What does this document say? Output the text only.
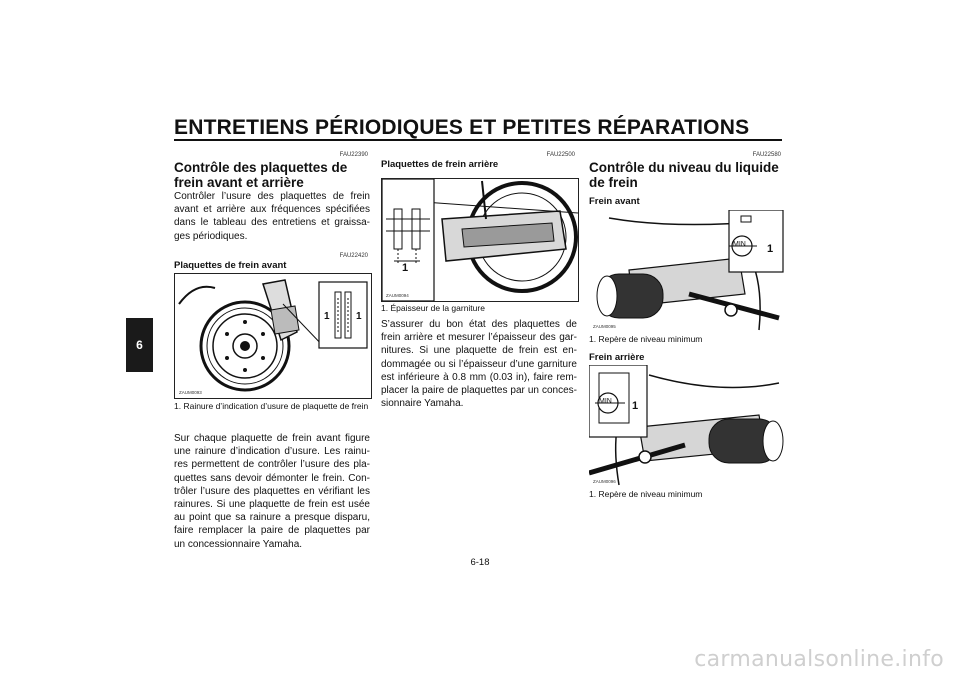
ENTRETIENS PÉRIODIQUES ET PETITES RÉPARATIONS
6
FAU22390
Contrôle des plaquettes de frein avant et arrière
Contrôler l’usure des plaquettes de frein avant et arrière aux fréquences spécifiées dans le tableau des entretiens et graissa-ges périodiques.
FAU22420
Plaquettes de frein avant
1	1
ZAUM0093
1. Rainure d’indication d’usure de plaquette de frein
Sur chaque plaquette de frein avant figure une rainure d’indication d’usure. Les rainu-res permettent de contrôler l’usure des pla-quettes sans devoir démonter le frein. Con-trôler l’usure des plaquettes en vérifiant les rainures. Si une plaquette de frein est usée au point que sa rainure a presque disparu, faire remplacer la paire de plaquettes par un concessionnaire Yamaha.
FAU22500
Plaquettes de frein arrière
1
ZAUM0094
1. Épaisseur de la garniture
S’assurer du bon état des plaquettes de frein arrière et mesurer l’épaisseur des gar-nitures. Si une plaquette de frein est en-dommagée ou si l’épaisseur d’une garniture est inférieure à 0.8 mm (0.03 in), faire rem-placer la paire de plaquettes par un conces-sionnaire Yamaha.
FAU22580
Contrôle du niveau du liquide de frein
Frein avant
MIN 1
ZAUM0095
1. Repère de niveau minimum
Frein arrière
MIN 1
ZAUM0096
1. Repère de niveau minimum
6-18
carmanualsonline.info
